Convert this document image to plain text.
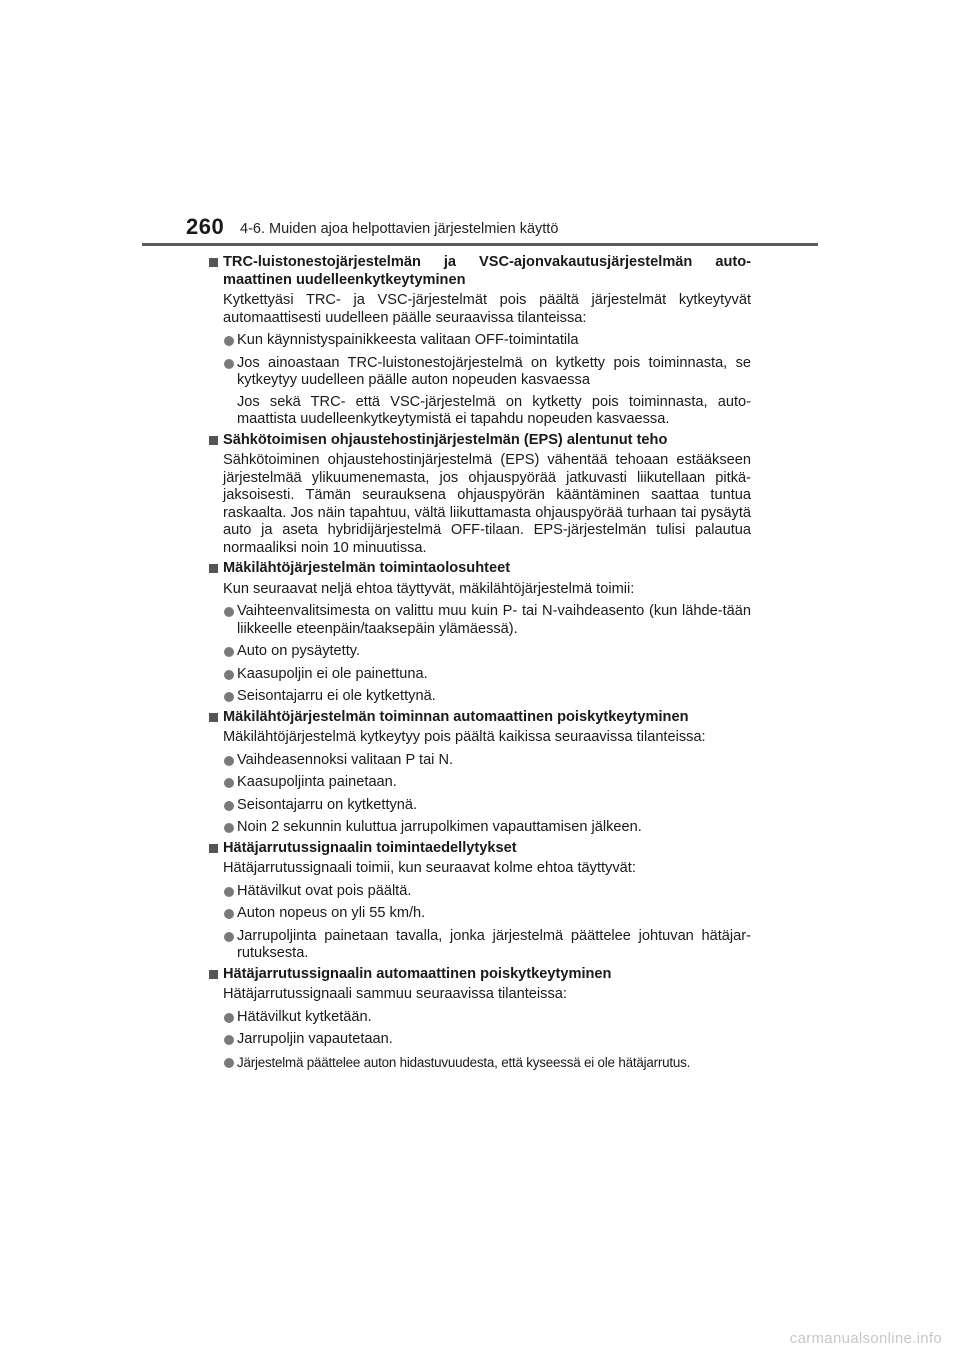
260 4-6. Muiden ajoa helpottavien järjestelmien käyttö
TRC-luistonestojärjestelmän ja VSC-ajonvakautusjärjestelmän auto-maattinen uudelleenkytkeytyminen
Kytkettyäsi TRC- ja VSC-järjestelmät pois päältä järjestelmät kytkeytyvät automaattisesti uudelleen päälle seuraavissa tilanteissa:
Kun käynnistyspainikkeesta valitaan OFF-toimintatila
Jos ainoastaan TRC-luistonestojärjestelmä on kytketty pois toiminnasta, se kytkeytyy uudelleen päälle auton nopeuden kasvaessa
Jos sekä TRC- että VSC-järjestelmä on kytketty pois toiminnasta, auto-maattista uudelleenkytkeytymistä ei tapahdu nopeuden kasvaessa.
Sähkötoimisen ohjaustehostinjärjestelmän (EPS) alentunut teho
Sähkötoiminen ohjaustehostinjärjestelmä (EPS) vähentää tehoaan estääkseen järjestelmää ylikuumenemasta, jos ohjauspyörää jatkuvasti liikutellaan pitkä-jaksoisesti. Tämän seurauksena ohjauspyörän kääntäminen saattaa tuntua raskaalta. Jos näin tapahtuu, vältä liikuttamasta ohjauspyörää turhaan tai pysäytä auto ja aseta hybridijärjestelmä OFF-tilaan. EPS-järjestelmän tulisi palautua normaaliksi noin 10 minuutissa.
Mäkilähtöjärjestelmän toimintaolosuhteet
Kun seuraavat neljä ehtoa täyttyvät, mäkilähtöjärjestelmä toimii:
Vaihteenvalitsimesta on valittu muu kuin P- tai N-vaihdeasento (kun lähde-tään liikkeelle eteenpäin/taaksepäin ylämäessä).
Auto on pysäytetty.
Kaasupoljin ei ole painettuna.
Seisontajarru ei ole kytkettynä.
Mäkilähtöjärjestelmän toiminnan automaattinen poiskytkeytyminen
Mäkilähtöjärjestelmä kytkeytyy pois päältä kaikissa seuraavissa tilanteissa:
Vaihdeasennoksi valitaan P tai N.
Kaasupoljinta painetaan.
Seisontajarru on kytkettynä.
Noin 2 sekunnin kuluttua jarrupolkimen vapauttamisen jälkeen.
Hätäjarrutussignaalin toimintaedellytykset
Hätäjarrutussignaali toimii, kun seuraavat kolme ehtoa täyttyvät:
Hätävilkut ovat pois päältä.
Auton nopeus on yli 55 km/h.
Jarrupoljinta painetaan tavalla, jonka järjestelmä päättelee johtuvan hätäjar-rutuksesta.
Hätäjarrutussignaalin automaattinen poiskytkeytyminen
Hätäjarrutussignaali sammuu seuraavissa tilanteissa:
Hätävilkut kytketään.
Jarrupoljin vapautetaan.
Järjestelmä päättelee auton hidastuvuudesta, että kyseessä ei ole hätäjarrutus.
carmanualsonline.info
